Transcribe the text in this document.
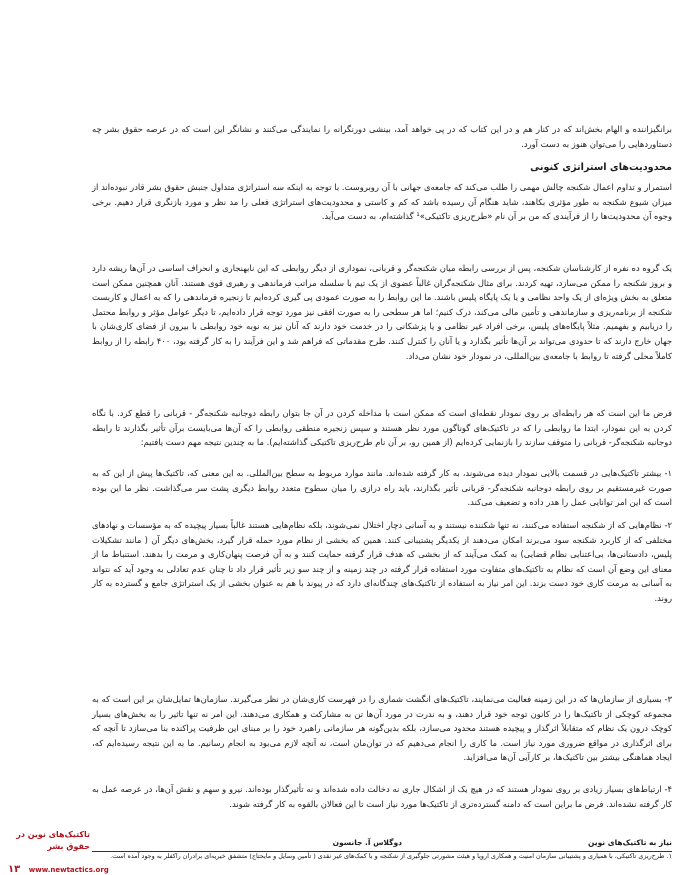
برانگیزاننده و الهام بخش‌اند که در کنار هم و در این کتاب که در پی خواهد آمد، بینشی دورنگرانه را نمایندگی می‌کنند و نشانگر این است که در عرصه حقوق بشر چه دستاوردهایی را می‌توان هنوز به دست آورد.

محدودیت‌های استراتژی کنونی

استمرار و تداوم اعمال شکنجه چالش مهمی را طلب می‌کند که جامعه‌ی جهانی با آن روبروست. با توجه به اینکه سه استراتژی متداول جنبش حقوق بشر قادر نبوده‌اند از میزان شیوع شکنجه به طور مؤثری بکاهند، شاید هنگام آن رسیده باشد که کم و کاستی و محدودیت‌های استراتژی فعلی را مد نظر و مورد بازنگری قرار دهیم. برخی وجوه آن محدودیت‌ها را از فرآیندی که من بر آن نام «طرح‌ریزی تاکتیکی»¹ گذاشته‌ام، به دست می‌آید.

یک گروه ده نفره از کارشناسان شکنجه، پس از بررسی رابطه میان شکنجه‌گر و قربانی، نموداری از دیگر روابطی که این نابهنجاری و انحراف اساسی در آن‌ها ریشه دارد و بروز شکنجه را ممکن می‌سازد، تهیه کردند. برای مثال شکنجه‌گران غالباً عضوی از یک تیم با سلسله مراتب فرماندهی و رهبری قوی هستند. آنان همچنین ممکن است متعلق به بخش ویژه‌ای از یک واحد نظامی و یا یک پایگاه پلیس باشند. ما این روابط را به صورت عمودی پی گیری کرده‌ایم تا زنجیره فرماندهی را که به اعمال و کاربست شکنجه از برنامه‌ریزی و سازماندهی و تأمین مالی می‌کند، درک کنیم؛ اما هر سطحی را به صورت افقی نیز مورد توجه قرار داده‌ایم، تا دیگر عوامل مؤثر و روابط محتمل را دریابیم و بفهمیم. مثلاً پایگاه‌های پلیس، برخی افراد غیر نظامی و یا پزشکانی را در خدمت خود دارند که آنان نیز به نوبه خود روابطی با بیرون از فضای کاری‌شان با جهان خارج دارند که تا حدودی می‌تواند بر آن‌ها تأثیر بگذارد و یا آنان را کنترل کنند. طرح مقدماتی که فراهم شد و این فرآیند را به کار گرفته بود، ۴۰۰ رابطه را از روابط کاملاً محلی گرفته تا روابط با جامعه‌ی بین‌المللی، در نمودار خود نشان می‌داد.

فرض ما این است که هر رابطه‌ای بر روی نمودار نقطه‌ای است که ممکن است با مداخله کردن در آن جا بتوان رابطه دوجانبه شکنجه‌گر - قربانی را قطع کرد. با نگاه کردن به این نمودار، ابتدا ما روابطی را که در تاکتیک‌های گوناگون مورد نظر هستند و سپس زنجیره منطقی روابطی را که آن‌ها می‌بایست برآن تأثیر بگذارند تا رابطه دوجانبه شکنجه‌گر- قربانی را متوقف سازند را بازنمایی کرده‌ایم (از همین رو، بر آن نام طرح‌ریزی تاکتیکی گذاشته‌ایم). ما به چندین نتیجه مهم دست یافتیم:

۱- بیشتر تاکتیک‌هایی در قسمت بالایی نمودار دیده می‌شوند، به کار گرفته شده‌اند. مانند موارد مربوط به سطح بین‌المللی. به این معنی که، تاکتیک‌ها پیش از این که به صورت غیرمستقیم بر روی رابطه دوجانبه شکنجه‌گر- قربانی تأثیر بگذارند، باید راه درازی را میان سطوح متعدد روابط دیگری پشت سر می‌گذاشت. نظر ما این بوده است که این امر توانایی عمل را هدر داده و تضعیف می‌کند.

۲- نظام‌هایی که از شکنجه استفاده می‌کنند، نه تنها شکننده نیستند و به آسانی دچار اختلال نمی‌شوند، بلکه نظام‌هایی هستند غالباً بسیار پیچیده که به مؤسسات و نهادهای مختلفی که از کاربرد شکنجه سود می‌برند امکان می‌دهند از یکدیگر پشتیبانی کنند. همین که بخشی از نظام مورد حمله قرار گیرد، بخش‌های دیگر آن ( مانند تشکیلات پلیس، دادستانی‌ها، بی‌اعتنایی نظام قضایی) به کمک می‌آیند که از بخشی که هدف قرار گرفته حمایت کنند و به آن فرصت پنهان‌کاری و مرمت را بدهند. استنباط ما از معنای این وضع آن است که نظام به تاکتیک‌های متفاوت مورد استفاده قرار گرفته در چند زمینه و از چند سو زیر تأثیر قرار داد تا چنان عدم تعادلی به وجود آید که نتواند به آسانی به مرمت کاری خود دست بزند. این امر نیاز به استفاده از تاکتیک‌های چندگانه‌ای دارد که در پیوند با هم به عنوان بخشی از یک استراتژی جامع و گسترده به کار روند.

۳- بسیاری از سازمان‌ها که در این زمینه فعالیت می‌نمایند، تاکتیک‌های انگشت شماری را در فهرست کاری‌شان در نظر می‌گیرند. سازمان‌ها تمایل‌شان بر این است که به مجموعه کوچکی از تاکتیک‌ها را در کانون توجه خود قرار دهند، و به ندرت در مورد آن‌ها تن به مشارکت و همکاری می‌دهند. این امر نه تنها تاثیر را به بخش‌های بسیار کوچک درون یک نظام که متقابلاً اثرگذار و پیچیده هستند محدود می‌سازد، بلکه بدین‌گونه هر سازمانی راهبرد خود را بر مبنای این ظرفیت پراکنده بنا می‌سازد تا آنچه که برای اثرگذاری در مواقع ضروری مورد نیاز است. ما کاری را انجام می‌دهیم که در توان‌مان است، نه آنچه لازم می‌بود به انجام رسانیم. ما به این نتیجه رسیده‌ایم که، ایجاد هماهنگی بیشتر بین تاکتیک‌ها، بر کارآیی آن‌ها می‌افزاید.

۴- ارتباط‌های بسیار زیادی بر روی نمودار هستند که در هیچ یک از اشکال جاری نه دخالت داده شده‌اند و نه تأثیرگذار بوده‌اند. نیرو و سهم و نقش آن‌ها، در عرصه عمل به کار گرفته نشده‌اند. فرض ما براین است که دامنه گسترده‌تری از تاکتیک‌ها مورد نیاز است تا این فعالان بالقوه به کار گرفته شوند.

تاکتیک‌های نوین در
حقوق بشر	نیاز به تاکتیک‌های نوین
دوگلاس آ. جانسون

۱. طرح‌ریزی تاکتیکی، با همیاری و پشتیبانی سازمان امنیت و همکاری اروپا و هیئت مشورتی جلوگیری از شکنجه و با کمک‌های غیر نقدی ( تأمین وسایل و مایحتاج) متشفق خیریه‌ای برادران راکفلر به وجود آمده است.

۱۳ www.newtactics.org
